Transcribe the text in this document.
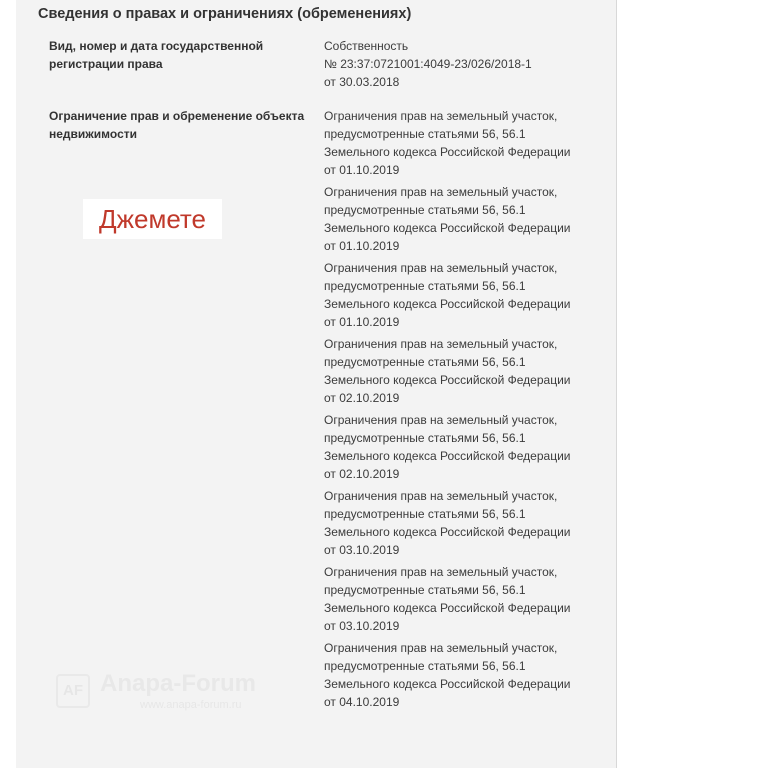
Сведения о правах и ограничениях (обременениях)
Вид, номер и дата государственной
регистрации права
Собственность
№ 23:37:0721001:4049-23/026/2018-1
от 30.03.2018
Ограничение прав и обременение объекта
недвижимости
Ограничения прав на земельный участок,
предусмотренные статьями 56, 56.1
Земельного кодекса Российской Федерации
от 01.10.2019
Ограничения прав на земельный участок,
предусмотренные статьями 56, 56.1
Земельного кодекса Российской Федерации
от 01.10.2019
Ограничения прав на земельный участок,
предусмотренные статьями 56, 56.1
Земельного кодекса Российской Федерации
от 01.10.2019
Ограничения прав на земельный участок,
предусмотренные статьями 56, 56.1
Земельного кодекса Российской Федерации
от 02.10.2019
Ограничения прав на земельный участок,
предусмотренные статьями 56, 56.1
Земельного кодекса Российской Федерации
от 02.10.2019
Ограничения прав на земельный участок,
предусмотренные статьями 56, 56.1
Земельного кодекса Российской Федерации
от 03.10.2019
Ограничения прав на земельный участок,
предусмотренные статьями 56, 56.1
Земельного кодекса Российской Федерации
от 03.10.2019
Ограничения прав на земельный участок,
предусмотренные статьями 56, 56.1
Земельного кодекса Российской Федерации
от 04.10.2019
Джемете
AF Anapa-Forum
www.anapa-forum.ru
